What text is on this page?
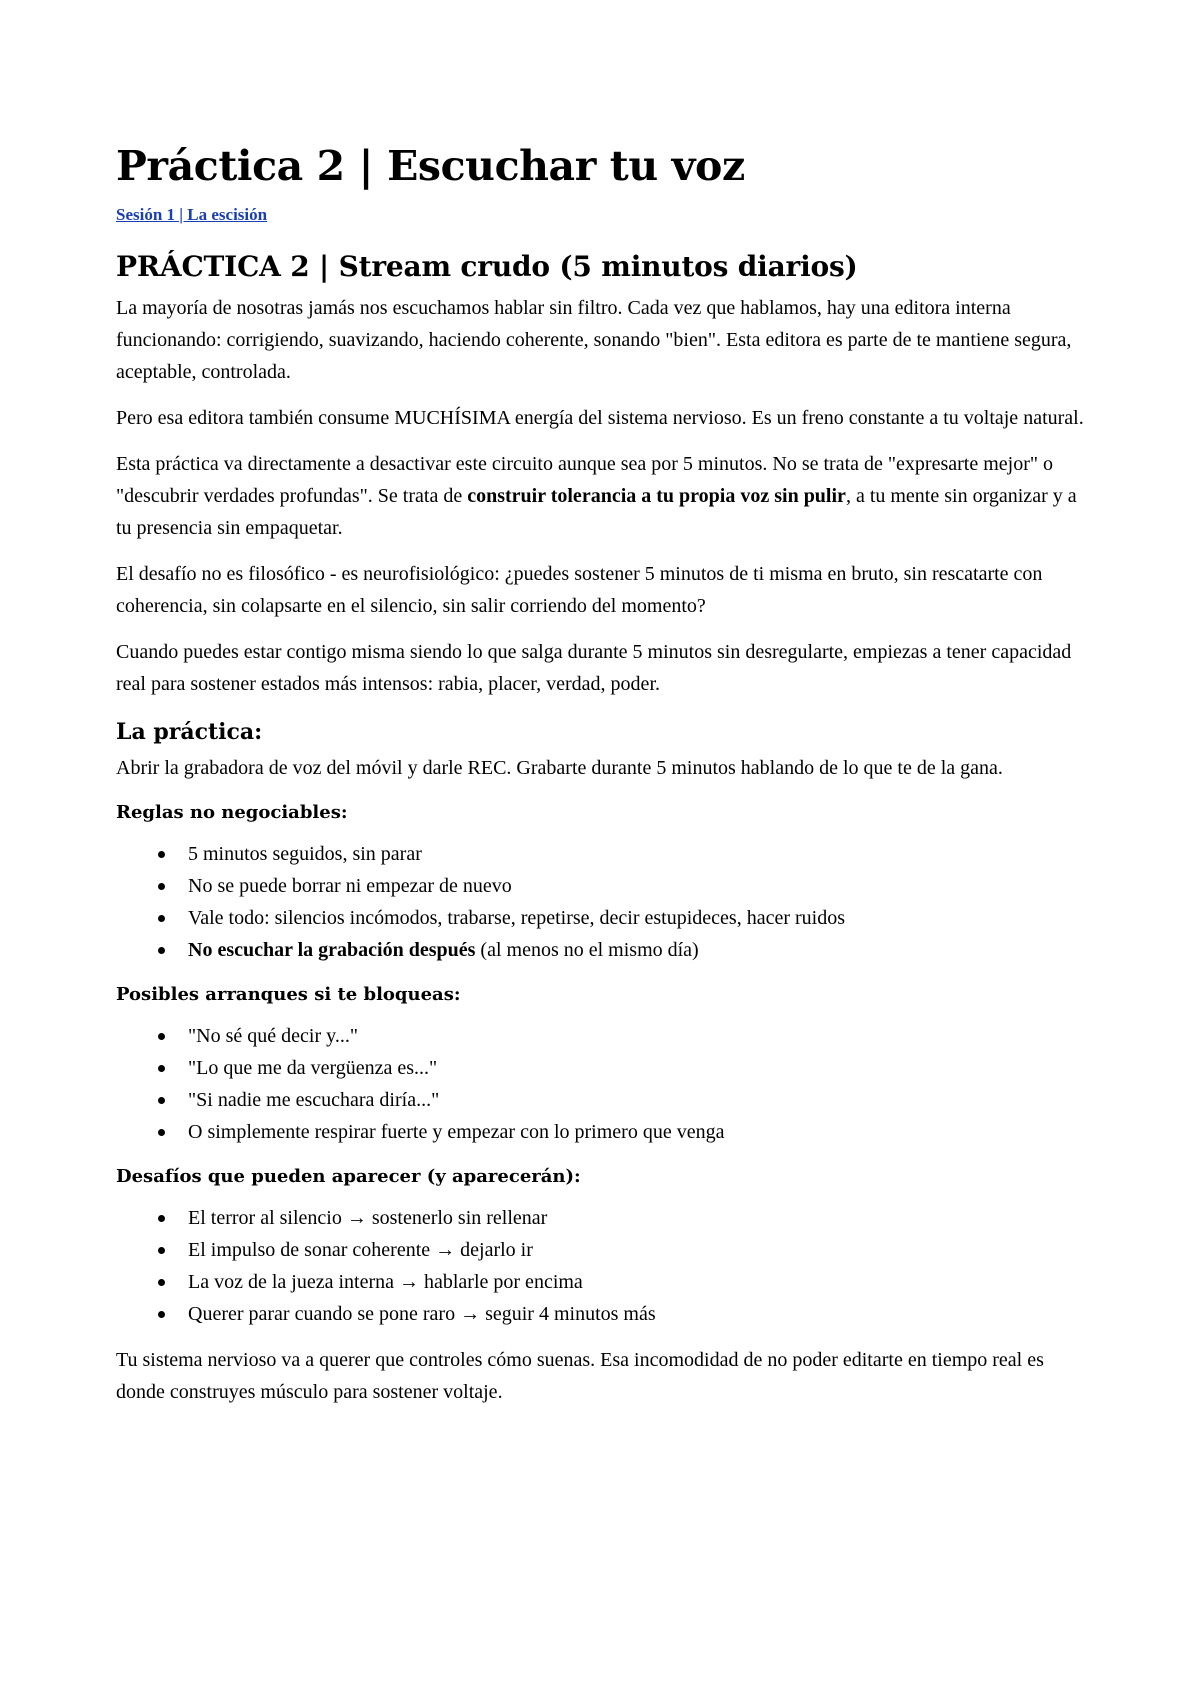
Práctica 2 | Escuchar tu voz
Sesión 1 | La escisión
PRÁCTICA 2 | Stream crudo (5 minutos diarios)

La mayoría de nosotras jamás nos escuchamos hablar sin filtro. Cada vez que hablamos, hay una editora interna funcionando: corrigiendo, suavizando, haciendo coherente, sonando "bien". Esta editora es parte de te mantiene segura, aceptable, controlada.

Pero esa editora también consume MUCHÍSIMA energía del sistema nervioso. Es un freno constante a tu voltaje natural.

Esta práctica va directamente a desactivar este circuito aunque sea por 5 minutos. No se trata de "expresarte mejor" o "descubrir verdades profundas". Se trata de construir tolerancia a tu propia voz sin pulir, a tu mente sin organizar y a tu presencia sin empaquetar.

El desafío no es filosófico - es neurofisiológico: ¿puedes sostener 5 minutos de ti misma en bruto, sin rescatarte con coherencia, sin colapsarte en el silencio, sin salir corriendo del momento?

Cuando puedes estar contigo misma siendo lo que salga durante 5 minutos sin desregularte, empiezas a tener capacidad real para sostener estados más intensos: rabia, placer, verdad, poder.

La práctica:

Abrir la grabadora de voz del móvil y darle REC. Grabarte durante 5 minutos hablando de lo que te de la gana.

Reglas no negociables:
5 minutos seguidos, sin parar
No se puede borrar ni empezar de nuevo
Vale todo: silencios incómodos, trabarse, repetirse, decir estupideces, hacer ruidos
No escuchar la grabación después (al menos no el mismo día)
Posibles arranques si te bloqueas:
"No sé qué decir y..."
"Lo que me da vergüenza es..."
"Si nadie me escuchara diría..."
O simplemente respirar fuerte y empezar con lo primero que venga
Desafíos que pueden aparecer (y aparecerán):
El terror al silencio → sostenerlo sin rellenar
El impulso de sonar coherente → dejarlo ir
La voz de la jueza interna → hablarle por encima
Querer parar cuando se pone raro → seguir 4 minutos más

Tu sistema nervioso va a querer que controles cómo suenas. Esa incomodidad de no poder editarte en tiempo real es donde construyes músculo para sostener voltaje.
